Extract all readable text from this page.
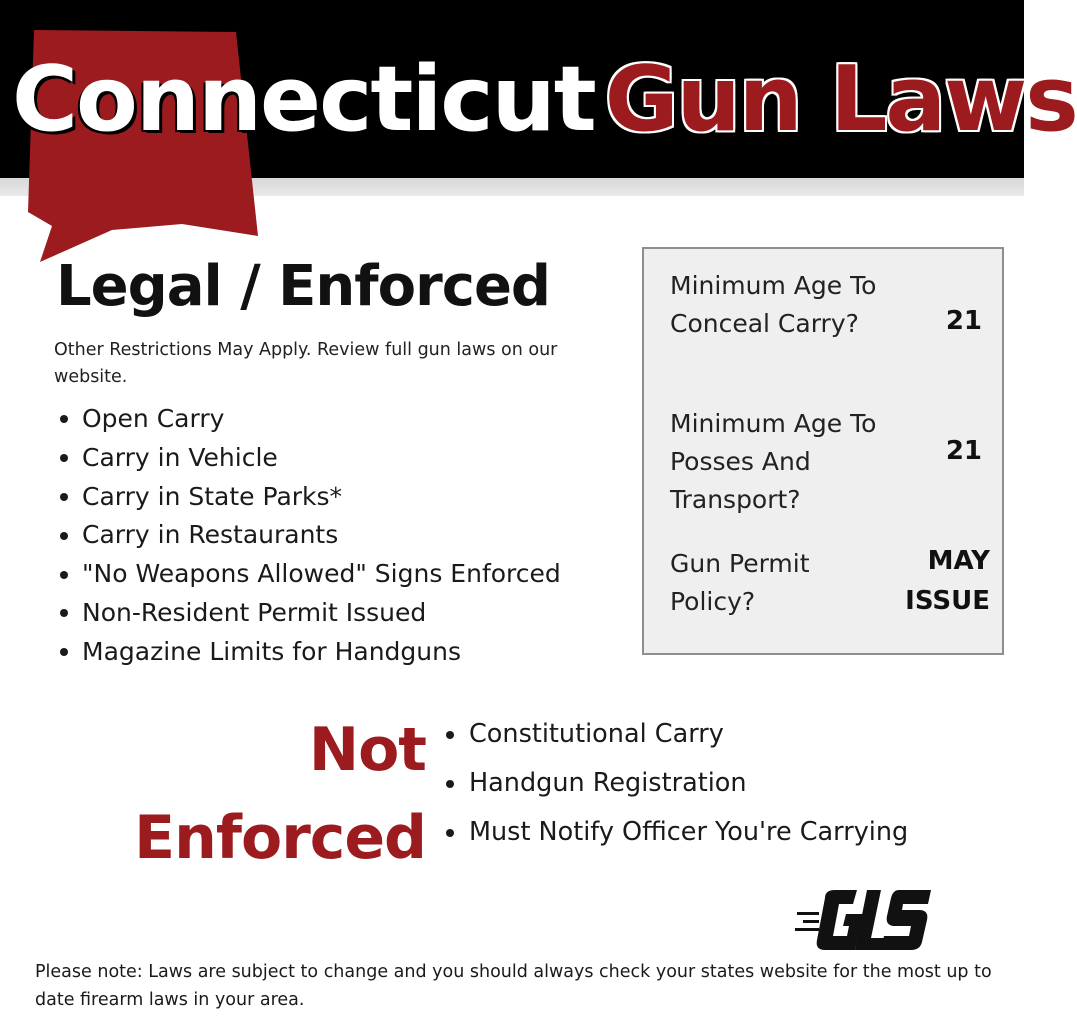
Connecticut Gun Laws
Legal / Enforced
Other Restrictions May Apply. Review full gun laws on our website.
Open Carry
Carry in Vehicle
Carry in State Parks*
Carry in Restaurants
"No Weapons Allowed" Signs Enforced
Non-Resident Permit Issued
Magazine Limits for Handguns
Minimum Age To Conceal Carry?	21
Minimum Age To Posses And Transport?
21
Gun Permit Policy?
MAY ISSUE
Not
Enforced
Constitutional Carry
Handgun Registration
Must Notify Officer You're Carrying
Please note: Laws are subject to change and you should always check your states website for the most up to date firearm laws in your area.
